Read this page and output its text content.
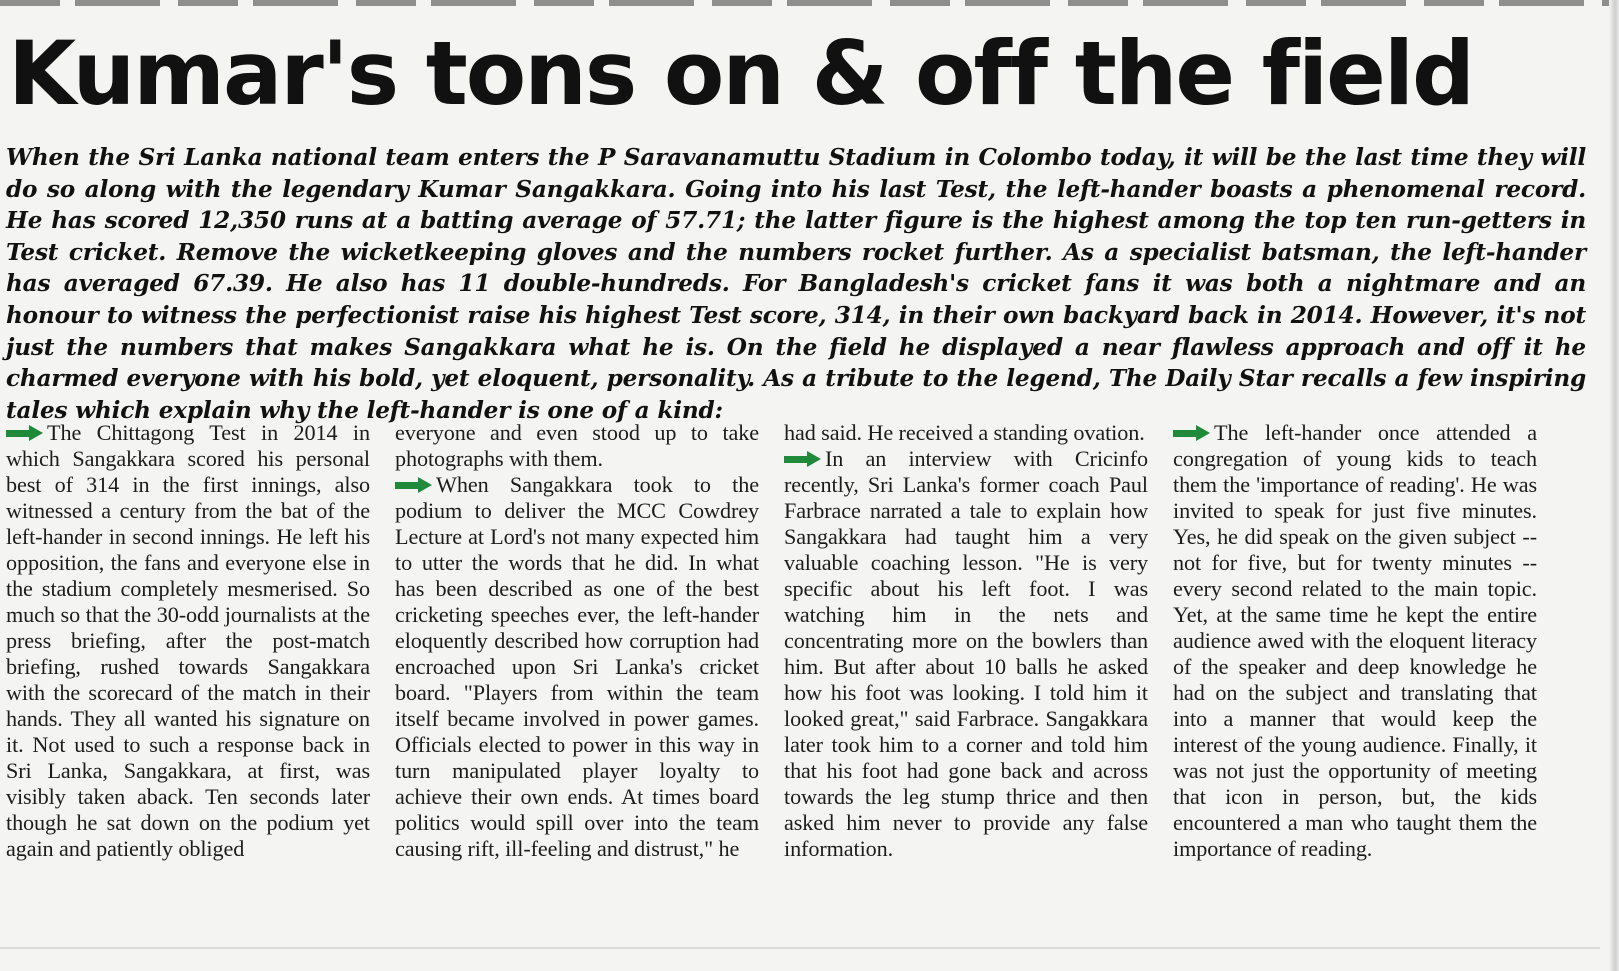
Kumar's tons on & off the field

When the Sri Lanka national team enters the P Saravanamuttu Stadium in Colombo today, it will be the last time they will do so along with the legendary Kumar Sangakkara. Going into his last Test, the left-hander boasts a phenomenal record. He has scored 12,350 runs at a batting average of 57.71; the latter figure is the highest among the top ten run-getters in Test cricket. Remove the wicketkeeping gloves and the numbers rocket further. As a specialist batsman, the left-hander has averaged 67.39. He also has 11 double-hundreds. For Bangladesh's cricket fans it was both a nightmare and an honour to witness the perfectionist raise his highest Test score, 314, in their own backyard back in 2014. However, it's not just the numbers that makes Sangakkara what he is. On the field he displayed a near flawless approach and off it he charmed everyone with his bold, yet eloquent, personality. As a tribute to the legend, The Daily Star recalls a few inspiring tales which explain why the left-hander is one of a kind:

The Chittagong Test in 2014 in which Sangakkara scored his personal best of 314 in the first innings, also witnessed a century from the bat of the left-hander in second innings. He left his opposition, the fans and everyone else in the stadium completely mesmerised. So much so that the 30-odd journalists at the press briefing, after the post-match briefing, rushed towards Sangakkara with the scorecard of the match in their hands. They all wanted his signature on it. Not used to such a response back in Sri Lanka, Sangakkara, at first, was visibly taken aback. Ten seconds later though he sat down on the podium yet again and patiently obliged

everyone and even stood up to take photographs with them.

When Sangakkara took to the podium to deliver the MCC Cowdrey Lecture at Lord's not many expected him to utter the words that he did. In what has been described as one of the best cricketing speeches ever, the left-hander eloquently described how corruption had encroached upon Sri Lanka's cricket board. "Players from within the team itself became involved in power games. Officials elected to power in this way in turn manipulated player loyalty to achieve their own ends. At times board politics would spill over into the team causing rift, ill-feeling and distrust," he

had said. He received a standing ovation.

In an interview with Cricinfo recently, Sri Lanka's former coach Paul Farbrace narrated a tale to explain how Sangakkara had taught him a very valuable coaching lesson. "He is very specific about his left foot. I was watching him in the nets and concentrating more on the bowlers than him. But after about 10 balls he asked how his foot was looking. I told him it looked great," said Farbrace. Sangakkara later took him to a corner and told him that his foot had gone back and across towards the leg stump thrice and then asked him never to provide any false information.

The left-hander once attended a congregation of young kids to teach them the 'importance of reading'. He was invited to speak for just five minutes. Yes, he did speak on the given subject -- not for five, but for twenty minutes -- every second related to the main topic. Yet, at the same time he kept the entire audience awed with the eloquent literacy of the speaker and deep knowledge he had on the subject and translating that into a manner that would keep the interest of the young audience. Finally, it was not just the opportunity of meeting that icon in person, but, the kids encountered a man who taught them the importance of reading.
